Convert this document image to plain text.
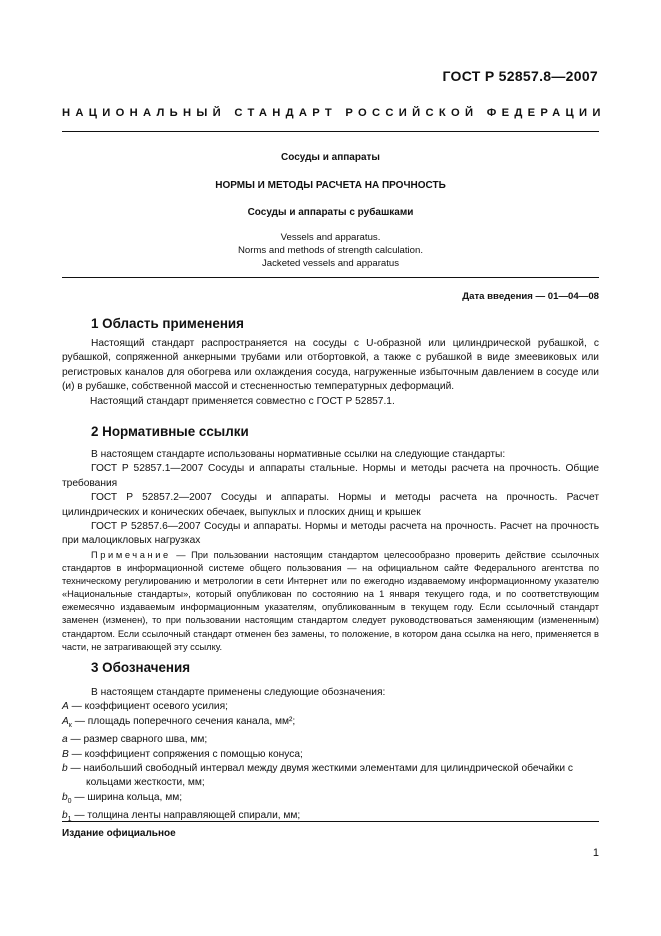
ГОСТ Р 52857.8—2007
НАЦИОНАЛЬНЫЙ СТАНДАРТ РОССИЙСКОЙ ФЕДЕРАЦИИ
Сосуды и аппараты
НОРМЫ И МЕТОДЫ РАСЧЕТА НА ПРОЧНОСТЬ
Сосуды и аппараты с рубашками
Vessels and apparatus.
Norms and methods of strength calculation.
Jacketed vessels and apparatus
Дата введения — 01—04—08
1 Область применения
Настоящий стандарт распространяется на сосуды с U-образной или цилиндрической рубашкой, с рубашкой, сопряженной анкерными трубами или отбортовкой, а также с рубашкой в виде змеевиковых или регистровых каналов для обогрева или охлаждения сосуда, нагруженные избыточным давлением в сосуде или (и) в рубашке, собственной массой и стесненностью температурных деформаций.
Настоящий стандарт применяется совместно с ГОСТ Р 52857.1.
2 Нормативные ссылки
В настоящем стандарте использованы нормативные ссылки на следующие стандарты:
ГОСТ Р 52857.1—2007 Сосуды и аппараты стальные. Нормы и методы расчета на прочность. Общие требования
ГОСТ Р 52857.2—2007 Сосуды и аппараты. Нормы и методы расчета на прочность. Расчет цилиндрических и конических обечаек, выпуклых и плоских днищ и крышек
ГОСТ Р 52857.6—2007 Сосуды и аппараты. Нормы и методы расчета на прочность. Расчет на прочность при малоцикловых нагрузках
Примечание — При пользовании настоящим стандартом целесообразно проверить действие ссылочных стандартов в информационной системе общего пользования — на официальном сайте Федерального агентства по техническому регулированию и метрологии в сети Интернет или по ежегодно издаваемому информационному указателю «Национальные стандарты», который опубликован по состоянию на 1 января текущего года, и по соответствующим ежемесячно издаваемым информационным указателям, опубликованным в текущем году. Если ссылочный стандарт заменен (изменен), то при пользовании настоящим стандартом следует руководствоваться заменяющим (измененным) стандартом. Если ссылочный стандарт отменен без замены, то положение, в котором дана ссылка на него, применяется в части, не затрагивающей эту ссылку.
3 Обозначения
В настоящем стандарте применены следующие обозначения:
A — коэффициент осевого усилия;
$A_к$ — площадь поперечного сечения канала, мм²;
a — размер сварного шва, мм;
B — коэффициент сопряжения с помощью конуса;
b — наибольший свободный интервал между двумя жесткими элементами для цилиндрической обечайки с
кольцами жесткости, мм;
$b_0$ — ширина кольца, мм;
$b_1$ — толщина ленты направляющей спирали, мм;
Издание официальное
1
